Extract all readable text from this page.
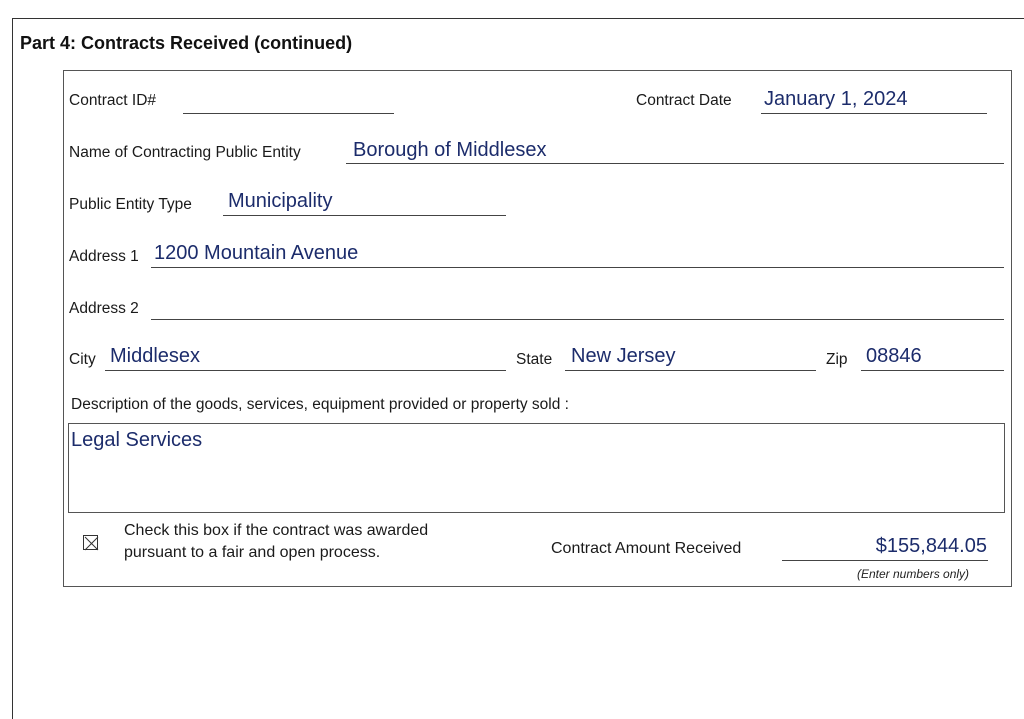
Part 4: Contracts Received (continued)
Contract ID#	Contract Date January 1, 2024
Name of Contracting Public Entity	Borough of Middlesex
Public Entity Type Municipality
Address 1 1200 Mountain Avenue
Address 2
City Middlesex	State New Jersey	Zip 08846
Description of the goods, services, equipment provided or property sold :
Legal Services
Check this box if the contract was awarded
pursuant to a fair and open process.	Contract Amount Received	$155,844.05
(Enter numbers only)
